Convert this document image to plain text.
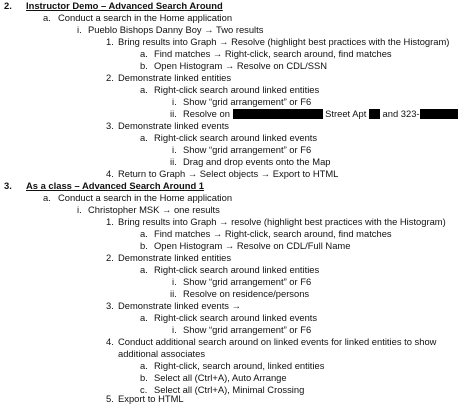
2. Instructor Demo – Advanced Search Around
a. Conduct a search in the Home application
i. Pueblo Bishops Danny Boy → Two results
1. Bring results into Graph → Resolve (highlight best practices with the Histogram)
a. Find matches → Right-click, search around, find matches
b. Open Histogram → Resolve on CDL/SSN
2. Demonstrate linked entities
a. Right-click search around linked entities
i. Show “grid arrangement” or F6
ii. Resolve on	Street Apt and 323-
3. Demonstrate linked events
a. Right-click search around linked events
i. Show “grid arrangement” or F6
ii. Drag and drop events onto the Map
4. Return to Graph → Select objects → Export to HTML
3. As a class – Advanced Search Around 1
a. Conduct a search in the Home application
i. Christopher MSK → one results
1. Bring results into Graph → resolve (highlight best practices with the Histogram)
a. Find matches → Right-click, search around, find matches
b. Open Histogram → Resolve on CDL/Full Name
2. Demonstrate linked entities
a. Right-click search around linked entities
i. Show “grid arrangement” or F6
ii. Resolve on residence/persons
3. Demonstrate linked events →
a. Right-click search around linked events
i. Show “grid arrangement” or F6
4. Conduct additional search around on linked events for linked entities to show
additional associates
a. Right-click, search around, linked entities
b. Select all (Ctrl+A), Auto Arrange
c. Select all (Ctrl+A), Minimal Crossing
5. Export to HTML
